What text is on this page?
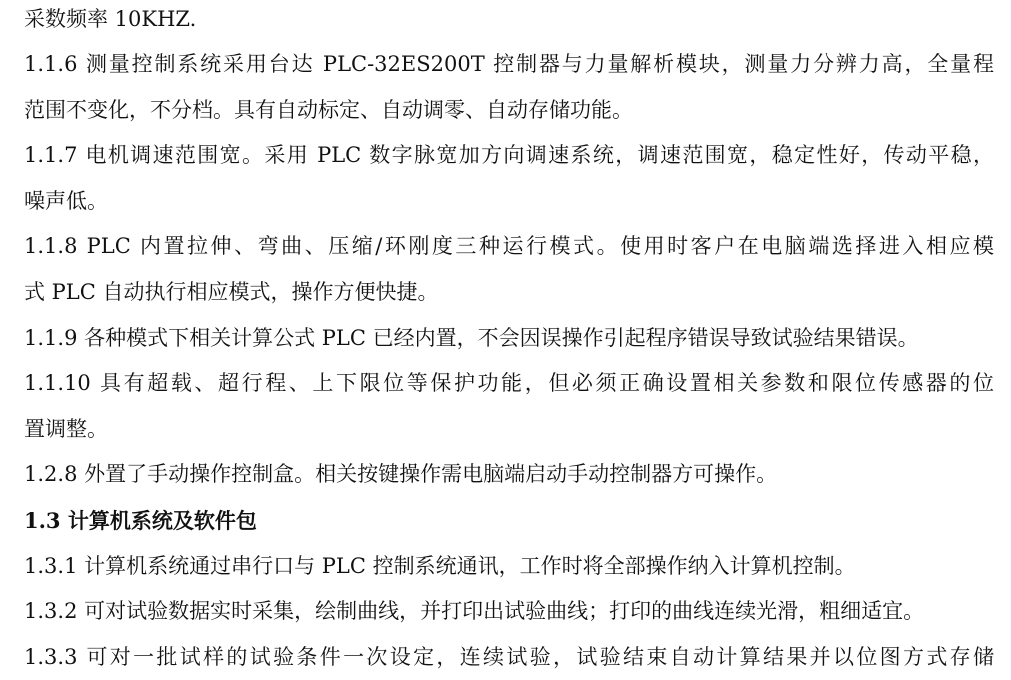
采数频率 10KHZ.
1.1.6 测量控制系统采用台达 PLC-32ES200T 控制器与力量解析模块，测量力分辨力高，全量程
范围不变化，不分档。具有自动标定、自动调零、自动存储功能。
1.1.7 电机调速范围宽。采用 PLC 数字脉宽加方向调速系统，调速范围宽，稳定性好，传动平稳，
噪声低。
1.1.8 PLC 内置拉伸、弯曲、压缩/环刚度三种运行模式。使用时客户在电脑端选择进入相应模
式 PLC 自动执行相应模式，操作方便快捷。
1.1.9 各种模式下相关计算公式 PLC 已经内置，不会因误操作引起程序错误导致试验结果错误。
1.1.10 具有超载、超行程、上下限位等保护功能，但必须正确设置相关参数和限位传感器的位
置调整。
1.2.8 外置了手动操作控制盒。相关按键操作需电脑端启动手动控制器方可操作。
1.3 计算机系统及软件包
1.3.1 计算机系统通过串行口与 PLC 控制系统通讯，工作时将全部操作纳入计算机控制。
1.3.2 可对试验数据实时采集，绘制曲线，并打印出试验曲线；打印的曲线连续光滑，粗细适宜。
1.3.3 可对一批试样的试验条件一次设定，连续试验，试验结束自动计算结果并以位图方式存储
